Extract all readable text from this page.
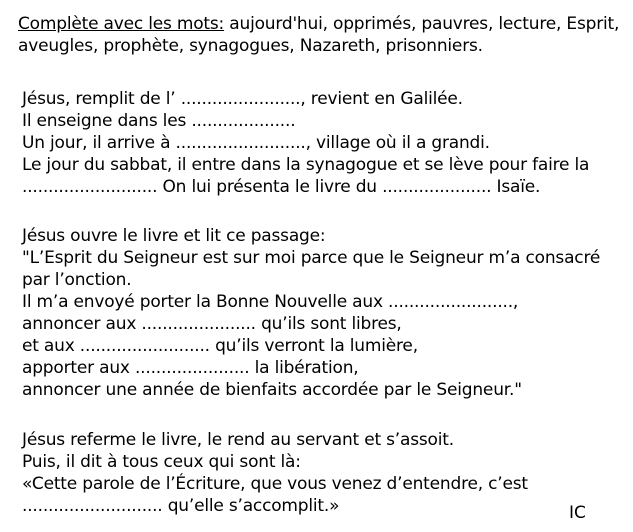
Complète avec les mots: aujourd'hui, opprimés, pauvres, lecture, Esprit,
aveugles, prophète, synagogues, Nazareth, prisonniers.
Jésus, remplit de l’ ......................., revient en Galilée.
Il enseigne dans les ....................
Un jour, il arrive à ........................., village où il a grandi.
Le jour du sabbat, il entre dans la synagogue et se lève pour faire la
.......................... On lui présenta le livre du ..................... Isaïe.
Jésus ouvre le livre et lit ce passage:
"L’Esprit du Seigneur est sur moi parce que le Seigneur m’a consacré
par l’onction.
Il m’a envoyé porter la Bonne Nouvelle aux ........................,
annoncer aux ...................... qu’ils sont libres,
et aux ......................... qu’ils verront la lumière,
apporter aux ...................... la libération,
annoncer une année de bienfaits accordée par le Seigneur."
Jésus referme le livre, le rend au servant et s’assoit.
Puis, il dit à tous ceux qui sont là:
«Cette parole de l’Écriture, que vous venez d’entendre, c’est
........................... qu’elle s’accomplit.»	IC
